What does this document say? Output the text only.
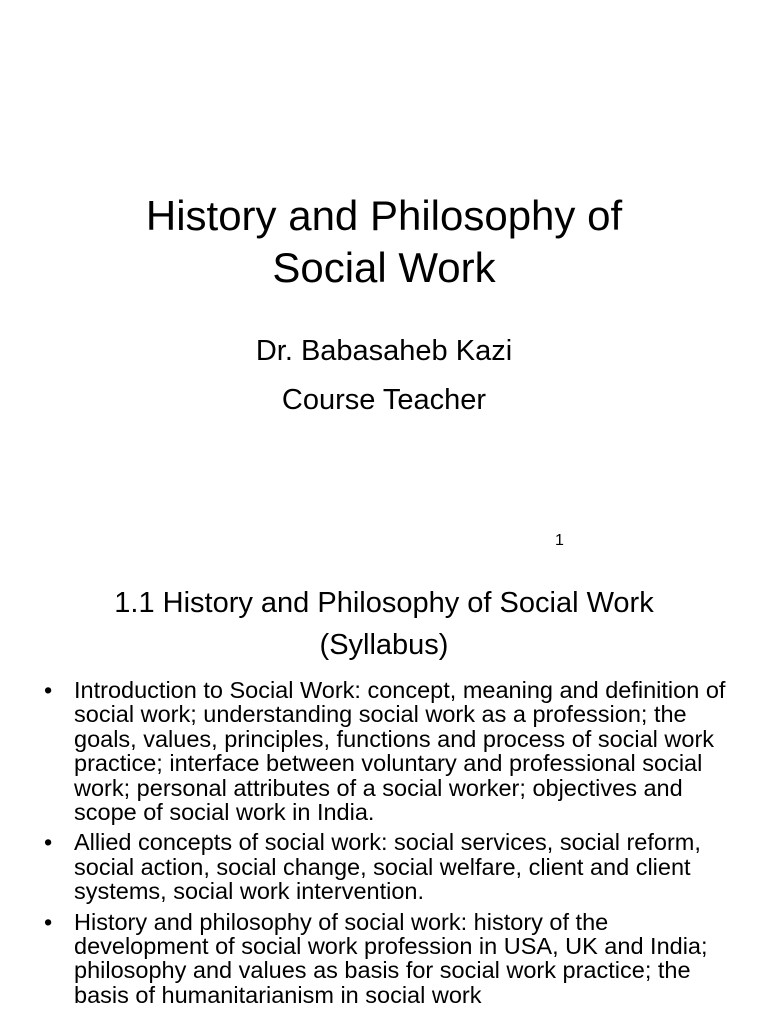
History and Philosophy of
Social Work
Dr. Babasaheb Kazi
Course Teacher
1
1.1 History and Philosophy of Social Work
(Syllabus)
• Introduction to Social Work: concept, meaning and definition of social work; understanding social work as a profession; the goals, values, principles, functions and process of social work practice; interface between voluntary and professional social work; personal attributes of a social worker; objectives and scope of social work in India.
• Allied concepts of social work: social services, social reform, social action, social change, social welfare, client and client systems, social work intervention.
• History and philosophy of social work: history of the development of social work profession in USA, UK and India; philosophy and values as basis for social work practice; the basis of humanitarianism in social work
